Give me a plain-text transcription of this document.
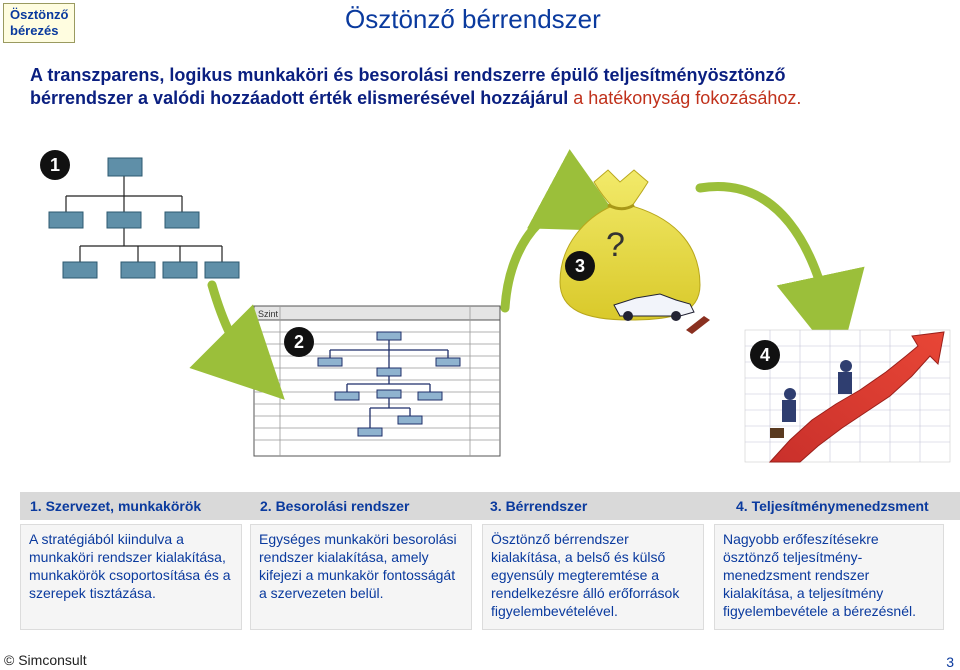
Ösztönző
bérezés	Ösztönző bérrendszer
A transzparens, logikus munkaköri és besorolási rendszerre épülő teljesítményösztönző
bérrendszer a valódi hozzáadott érték elismerésével hozzájárul a hatékonyság fokozásához.
1
2
3
4
Szint
?
1. Szervezet, munkakörök	2. Besorolási rendszer	3. Bérrendszer	4. Teljesítménymenedzsment
A stratégiából kiindulva a munkaköri rendszer kialakítása, munkakörök csoportosítása és a szerepek tisztázása.
Egységes munkaköri besorolási rendszer kialakítása, amely kifejezi a munkakör fontosságát a szervezeten belül.
Ösztönző bérrendszer kialakítása, a belső és külső egyensúly megteremtése a rendelkezésre álló erőforrások figyelembevételével.
Nagyobb erőfeszítésekre ösztönző teljesítmény-menedzsment rendszer kialakítása, a teljesítmény figyelembevétele a bérezésnél.
© Simconsult	3
